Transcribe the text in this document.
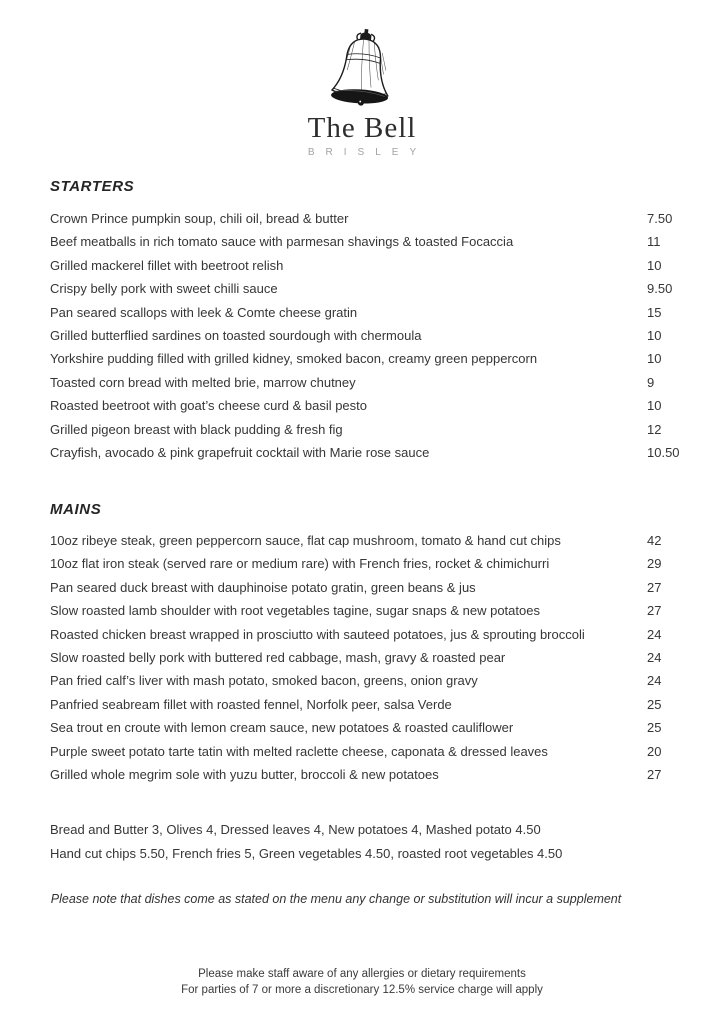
The Bell
BRISLEY
STARTERS
Crown Prince pumpkin soup, chili oil, bread & butter	7.50
Beef meatballs in rich tomato sauce with parmesan shavings & toasted Focaccia	11
Grilled mackerel fillet with beetroot relish	10
Crispy belly pork with sweet chilli sauce	9.50
Pan seared scallops with leek & Comte cheese gratin	15
Grilled butterflied sardines on toasted sourdough with chermoula	10
Yorkshire pudding filled with grilled kidney, smoked bacon, creamy green peppercorn	10
Toasted corn bread with melted brie, marrow chutney	9
Roasted beetroot with goat’s cheese curd & basil pesto	10
Grilled pigeon breast with black pudding & fresh fig	12
Crayfish, avocado & pink grapefruit cocktail with Marie rose sauce	10.50
MAINS
10oz ribeye steak, green peppercorn sauce, flat cap mushroom, tomato & hand cut chips	42
10oz flat iron steak (served rare or medium rare) with French fries, rocket & chimichurri	29
Pan seared duck breast with dauphinoise potato gratin, green beans & jus	27
Slow roasted lamb shoulder with root vegetables tagine, sugar snaps & new potatoes	27
Roasted chicken breast wrapped in prosciutto with sauteed potatoes, jus & sprouting broccoli	24
Slow roasted belly pork with buttered red cabbage, mash, gravy & roasted pear	24
Pan fried calf’s liver with mash potato, smoked bacon, greens, onion gravy	24
Panfried seabream fillet with roasted fennel, Norfolk peer, salsa Verde	25
Sea trout en croute with lemon cream sauce, new potatoes & roasted cauliflower	25
Purple sweet potato tarte tatin with melted raclette cheese, caponata & dressed leaves	20
Grilled whole megrim sole with yuzu butter, broccoli & new potatoes	27
Bread and Butter 3, Olives 4, Dressed leaves 4, New potatoes 4, Mashed potato 4.50
Hand cut chips 5.50, French fries 5, Green vegetables 4.50, roasted root vegetables 4.50
Please note that dishes come as stated on the menu any change or substitution will incur a supplement
Please make staff aware of any allergies or dietary requirements
For parties of 7 or more a discretionary 12.5% service charge will apply
